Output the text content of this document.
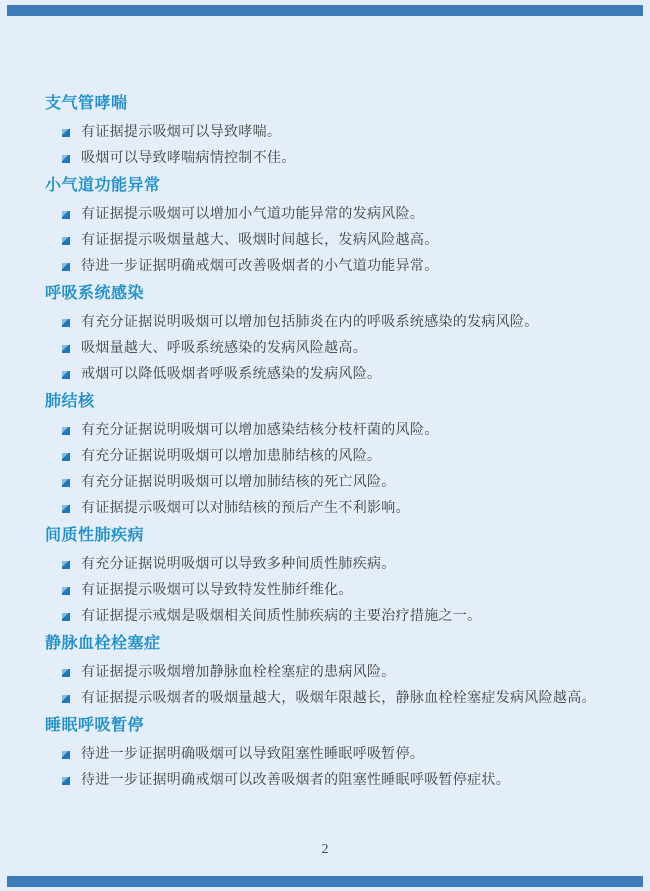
支气管哮喘
有证据提示吸烟可以导致哮喘。
吸烟可以导致哮喘病情控制不佳。
小气道功能异常
有证据提示吸烟可以增加小气道功能异常的发病风险。
有证据提示吸烟量越大、吸烟时间越长，发病风险越高。
待进一步证据明确戒烟可改善吸烟者的小气道功能异常。
呼吸系统感染
有充分证据说明吸烟可以增加包括肺炎在内的呼吸系统感染的发病风险。
吸烟量越大、呼吸系统感染的发病风险越高。
戒烟可以降低吸烟者呼吸系统感染的发病风险。
肺结核
有充分证据说明吸烟可以增加感染结核分枝杆菌的风险。
有充分证据说明吸烟可以增加患肺结核的风险。
有充分证据说明吸烟可以增加肺结核的死亡风险。
有证据提示吸烟可以对肺结核的预后产生不利影响。
间质性肺疾病
有充分证据说明吸烟可以导致多种间质性肺疾病。
有证据提示吸烟可以导致特发性肺纤维化。
有证据提示戒烟是吸烟相关间质性肺疾病的主要治疗措施之一。
静脉血栓栓塞症
有证据提示吸烟增加静脉血栓栓塞症的患病风险。
有证据提示吸烟者的吸烟量越大，吸烟年限越长，静脉血栓栓塞症发病风险越高。
睡眠呼吸暂停
待进一步证据明确吸烟可以导致阻塞性睡眠呼吸暂停。
待进一步证据明确戒烟可以改善吸烟者的阻塞性睡眠呼吸暂停症状。
2
